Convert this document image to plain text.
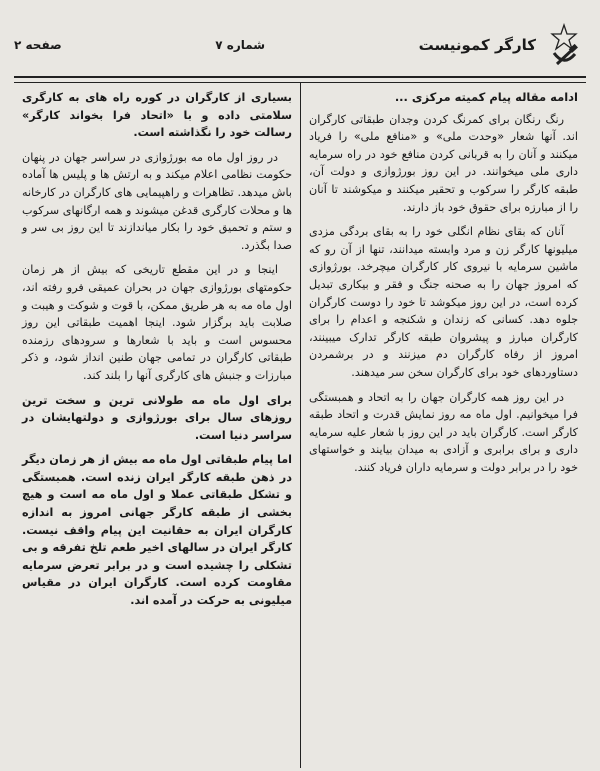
کارگر کمونیست
شماره ۷
صفحه ۲
ادامه مقاله پیام کمیته مرکزی ...

رنگ رنگان برای کمرنگ کردن وجدان طبقاتی کارگران اند. آنها شعار «وحدت ملی» و «منافع ملی» را فریاد میکنند و آنان را به قربانی کردن منافع خود در راه سرمایه داری ملی میخوانند. در این روز بورژوازی و دولت آن، طبقه کارگر را سرکوب و تحقیر میکنند و میکوشند تا آنان را از مبارزه برای حقوق خود باز دارند.

آنان که بقای نظام انگلی خود را به بقای بردگی مزدی میلیونها کارگر زن و مرد وابسته میدانند، تنها از آن رو که ماشین سرمایه با نیروی کار کارگران میچرخد. بورژوازی که امروز جهان را به صحنه جنگ و فقر و بیکاری تبدیل کرده است، در این روز میکوشد تا خود را دوست کارگران جلوه دهد. کسانی که زندان و شکنجه و اعدام را برای کارگران مبارز و پیشروان طبقه کارگر تدارک میبینند، امروز از رفاه کارگران دم میزنند و در برشمردن دستاوردهای خود برای کارگران سخن سر میدهند.

در این روز همه کارگران جهان را به اتحاد و همبستگی فرا میخوانیم. اول ماه مه روز نمایش قدرت و اتحاد طبقه کارگر است. کارگران باید در این روز با شعار علیه سرمایه داری و برای برابری و آزادی به میدان بیایند و خواستهای خود را در برابر دولت و سرمایه داران فریاد کنند.

بسیاری از کارگران در کوره راه های به کارگری سلامتی داده و با «اتحاد فرا بخواند کارگر» رسالت خود را نگذاشته است.

در روز اول ماه مه بورژوازی در سراسر جهان در پنهان حکومت نظامی اعلام میکند و به ارتش ها و پلیس ها آماده باش میدهد. تظاهرات و راهپیمایی های کارگران در کارخانه ها و محلات کارگری قدغن میشوند و همه ارگانهای سرکوب و ستم و تحمیق خود را بکار میاندازند تا این روز بی سر و صدا بگذرد.

اینجا و در این مقطع تاریخی که بیش از هر زمان حکومتهای بورژوازی جهان در بحران عمیقی فرو رفته اند، اول ماه مه به هر طریق ممکن، با قوت و شوکت و هیبت و صلابت باید برگزار شود. اینجا اهمیت طبقاتی این روز محسوس است و باید با شعارها و سرودهای رزمنده طبقاتی کارگران در تمامی جهان طنین انداز شود، و ذکر مبارزات و جنبش های کارگری آنها را بلند کند.

برای اول ماه مه طولانی ترین و سخت ترین روزهای سال برای بورژوازی و دولتهایشان در سراسر دنیا است.

اما پیام طبقاتی اول ماه مه بیش از هر زمان دیگر در ذهن طبقه کارگر ایران زنده است. همبستگی و تشکل طبقاتی عملا و اول ماه مه است و هیچ بخشی از طبقه کارگر جهانی امروز به اندازه کارگران ایران به حقانیت این پیام واقف نیست. کارگر ایران در سالهای اخیر طعم تلخ تفرقه و بی تشکلی را چشیده است و در برابر تعرض سرمایه مقاومت کرده است. کارگران ایران در مقیاس میلیونی به حرکت در آمده اند.
